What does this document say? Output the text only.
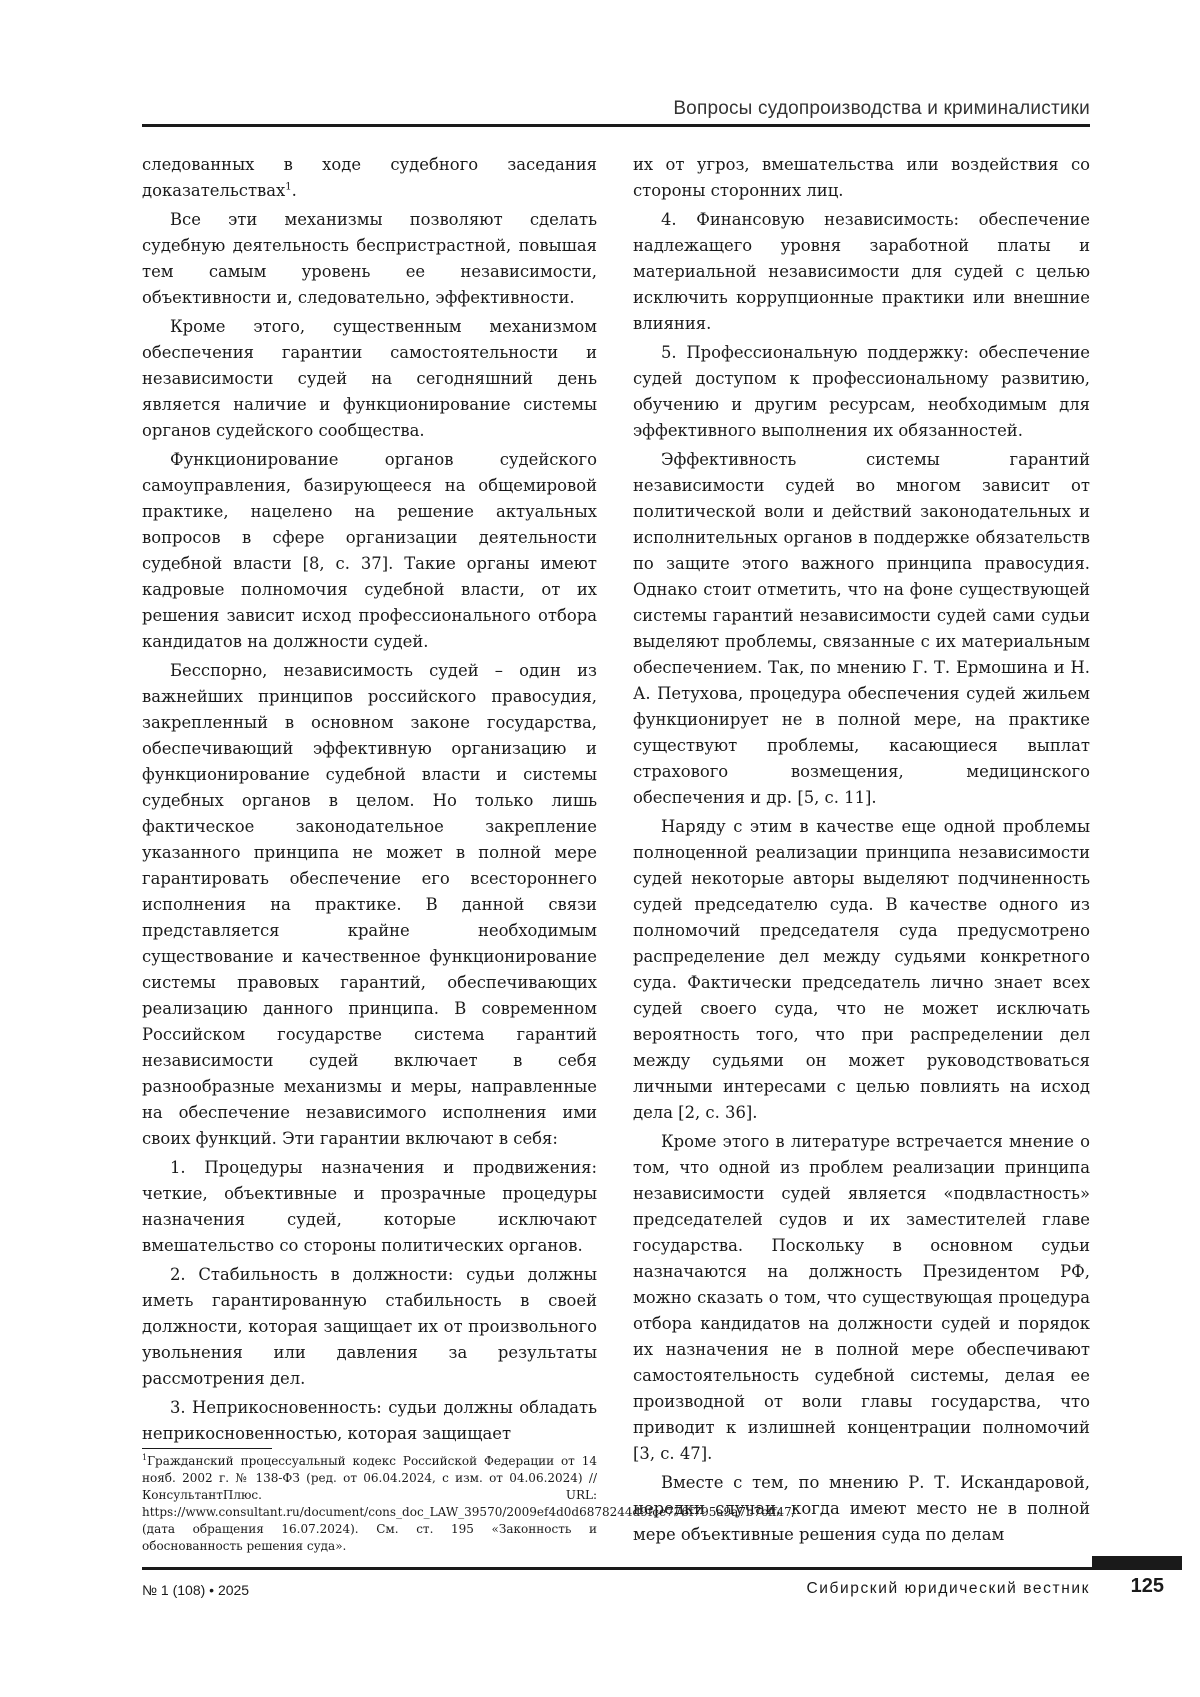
Вопросы судопроизводства и криминалистики

следованных в ходе судебного заседания доказательствах$^1$.

Все эти механизмы позволяют сделать судебную деятельность беспристрастной, повышая тем самым уровень ее независимости, объективности и, следовательно, эффективности.

Кроме этого, существенным механизмом обеспечения гарантии самостоятельности и независимости судей на сегодняшний день является наличие и функционирование системы органов судейского сообщества.

Функционирование органов судейского самоуправления, базирующееся на общемировой практике, нацелено на решение актуальных вопросов в сфере организации деятельности судебной власти [8, с. 37]. Такие органы имеют кадровые полномочия судебной власти, от их решения зависит исход профессионального отбора кандидатов на должности судей.

Бесспорно, независимость судей – один из важнейших принципов российского правосудия, закрепленный в основном законе государства, обеспечивающий эффективную организацию и функционирование судебной власти и системы судебных органов в целом. Но только лишь фактическое законодательное закрепление указанного принципа не может в полной мере гарантировать обеспечение его всестороннего исполнения на практике. В данной связи представляется крайне необходимым существование и качественное функционирование системы правовых гарантий, обеспечивающих реализацию данного принципа. В современном Российском государстве система гарантий независимости судей включает в себя разнообразные механизмы и меры, направленные на обеспечение независимого исполнения ими своих функций. Эти гарантии включают в себя:

1. Процедуры назначения и продвижения: четкие, объективные и прозрачные процедуры назначения судей, которые исключают вмешательство со стороны политических органов.

2. Стабильность в должности: судьи должны иметь гарантированную стабильность в своей должности, которая защищает их от произвольного увольнения или давления за результаты рассмотрения дел.

3. Неприкосновенность: судьи должны обладать неприкосновенностью, которая защищает

их от угроз, вмешательства или воздействия со стороны сторонних лиц.

4. Финансовую независимость: обеспечение надлежащего уровня заработной платы и материальной независимости для судей с целью исключить коррупционные практики или внешние влияния.

5. Профессиональную поддержку: обеспечение судей доступом к профессиональному развитию, обучению и другим ресурсам, необходимым для эффективного выполнения их обязанностей.

Эффективность системы гарантий независимости судей во многом зависит от политической воли и действий законодательных и исполнительных органов в поддержке обязательств по защите этого важного принципа правосудия. Однако стоит отметить, что на фоне существующей системы гарантий независимости судей сами судьи выделяют проблемы, связанные с их материальным обеспечением. Так, по мнению Г. Т. Ермошина и Н. А. Петухова, процедура обеспечения судей жильем функционирует не в полной мере, на практике существуют проблемы, касающиеся выплат страхового возмещения, медицинского обеспечения и др. [5, с. 11].

Наряду с этим в качестве еще одной проблемы полноценной реализации принципа независимости судей некоторые авторы выделяют подчиненность судей председателю суда. В качестве одного из полномочий председателя суда предусмотрено распределение дел между судьями конкретного суда. Фактически председатель лично знает всех судей своего суда, что не может исключать вероятность того, что при распределении дел между судьями он может руководствоваться личными интересами с целью повлиять на исход дела [2, с. 36].

Кроме этого в литературе встречается мнение о том, что одной из проблем реализации принципа независимости судей является «подвластность» председателей судов и их заместителей главе государства. Поскольку в основном судьи назначаются на должность Президентом РФ, можно сказать о том, что существующая процедура отбора кандидатов на должности судей и порядок их назначения не в полной мере обеспечивают самостоятельность судебной системы, делая ее производной от воли главы государства, что приводит к излишней концентрации полномочий [3, с. 47].

Вместе с тем, по мнению Р. Т. Искандаровой, нередки случаи, когда имеют место не в полной мере объективные решения суда по делам

$^1$Гражданский процессуальный кодекс Российской Федерации от 14 нояб. 2002 г. № 138-ФЗ (ред. от 06.04.2024, с изм. от 04.06.2024) // КонсультантПлюс. URL: https://www.consultant.ru/document/cons_doc_LAW_39570/2009ef4d0d6878244d9fce776f795a9a7b7cff47/ (дата обращения 16.07.2024). См. ст. 195 «Законность и обоснованность решения суда».
№ 1 (108) • 2025	Сибирский юридический вестник 125
